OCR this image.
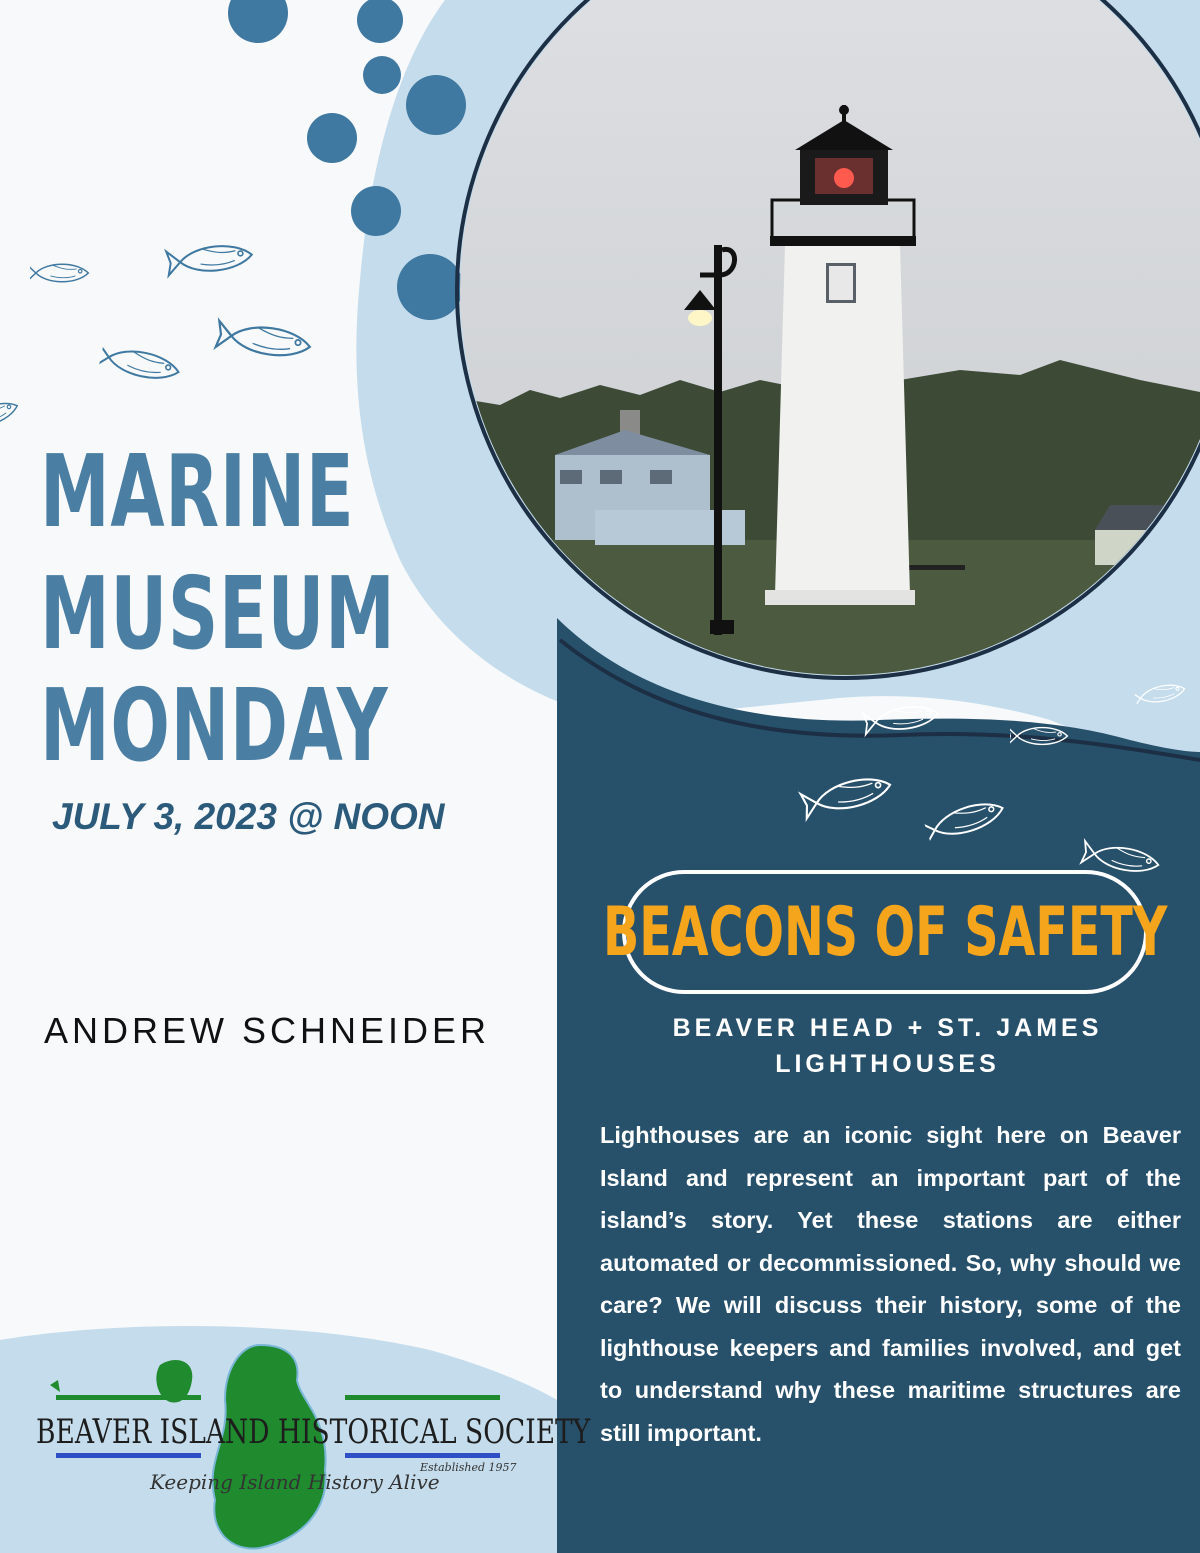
MARINE
MUSEUM
MONDAY
JULY 3, 2023 @ NOON
ANDREW SCHNEIDER
BEACONS OF SAFETY
BEAVER HEAD + ST. JAMES LIGHTHOUSES
Lighthouses are an iconic sight here on Beaver Island and represent an important part of the island’s story. Yet these stations are either automated or decommissioned. So, why should we care? We will discuss their history, some of the lighthouse keepers and families involved, and get to understand why these maritime structures are still important.
BEAVER ISLAND HISTORICAL SOCIETY
Established 1957
Keeping Island History Alive
